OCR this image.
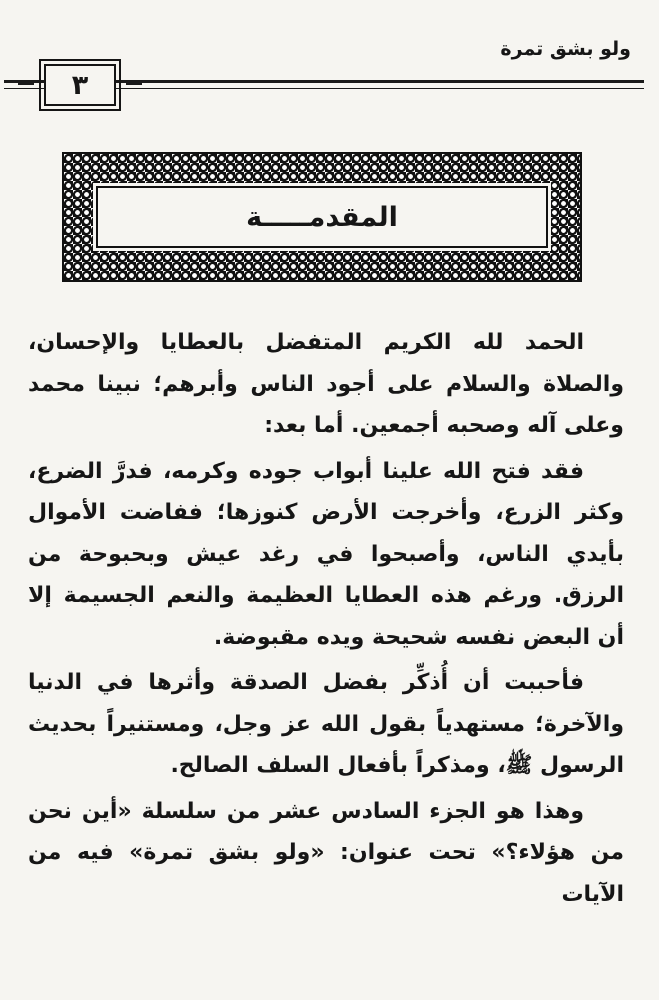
ولو بشق تمرة
٣
المقدمـــــة

الحمد لله الكريم المتفضل بالعطايا والإحسان، والصلاة والسلام على أجود الناس وأبرهم؛ نبينا محمد وعلى آله وصحبه أجمعين. أما بعد:

فقد فتح الله علينا أبواب جوده وكرمه، فدرَّ الضرع، وكثر الزرع، وأخرجت الأرض كنوزها؛ ففاضت الأموال بأيدي الناس، وأصبحوا في رغد عيش وبحبوحة من الرزق. ورغم هذه العطايا العظيمة والنعم الجسيمة إلا أن البعض نفسه شحيحة ويده مقبوضة.

فأحببت أن أُذكِّر بفضل الصدقة وأثرها في الدنيا والآخرة؛ مستهدياً بقول الله عز وجل، ومستنيراً بحديث الرسول ﷺ، ومذكراً بأفعال السلف الصالح.

وهذا هو الجزء السادس عشر من سلسلة «أين نحن من هؤلاء؟» تحت عنوان: «ولو بشق تمرة» فيه من الآيات
